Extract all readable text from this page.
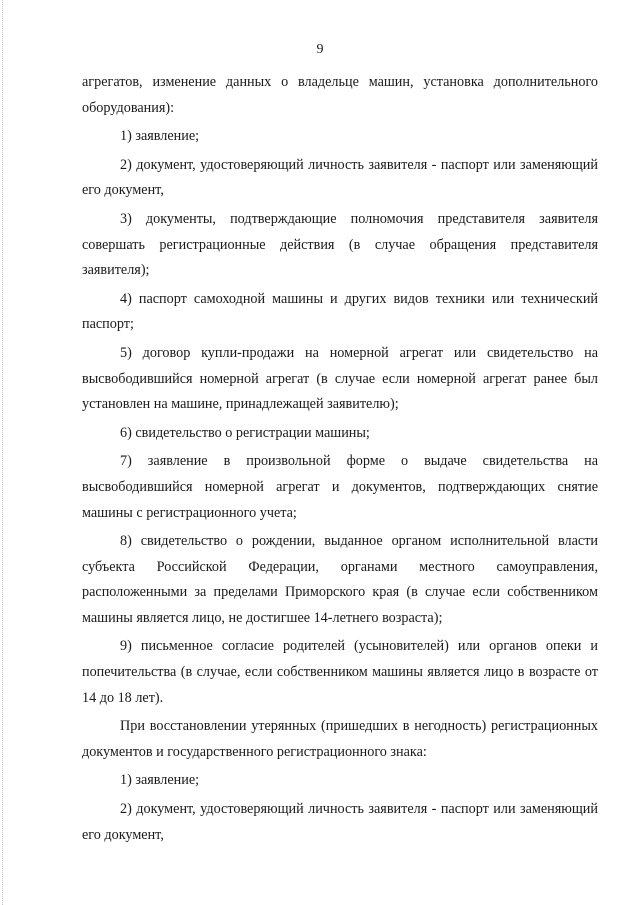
9

агрегатов, изменение данных о владельце машин, установка дополнительного оборудования):

1) заявление;

2) документ, удостоверяющий личность заявителя - паспорт или заменяющий его документ,

3) документы, подтверждающие полномочия представителя заявителя совершать регистрационные действия (в случае обращения представителя заявителя);

4) паспорт самоходной машины и других видов техники или технический паспорт;

5) договор купли-продажи на номерной агрегат или свидетельство на высвободившийся номерной агрегат (в случае если номерной агрегат ранее был установлен на машине, принадлежащей заявителю);

6) свидетельство о регистрации машины;

7) заявление в произвольной форме о выдаче свидетельства на высвободившийся номерной агрегат и документов, подтверждающих снятие машины с регистрационного учета;

8) свидетельство о рождении, выданное органом исполнительной власти субъекта Российской Федерации, органами местного самоуправления, расположенными за пределами Приморского края (в случае если собственником машины является лицо, не достигшее 14-летнего возраста);

9) письменное согласие родителей (усыновителей) или органов опеки и попечительства (в случае, если собственником машины является лицо в возрасте от 14 до 18 лет).

При восстановлении утерянных (пришедших в негодность) регистрационных документов и государственного регистрационного знака:

1) заявление;

2) документ, удостоверяющий личность заявителя - паспорт или заменяющий его документ,
